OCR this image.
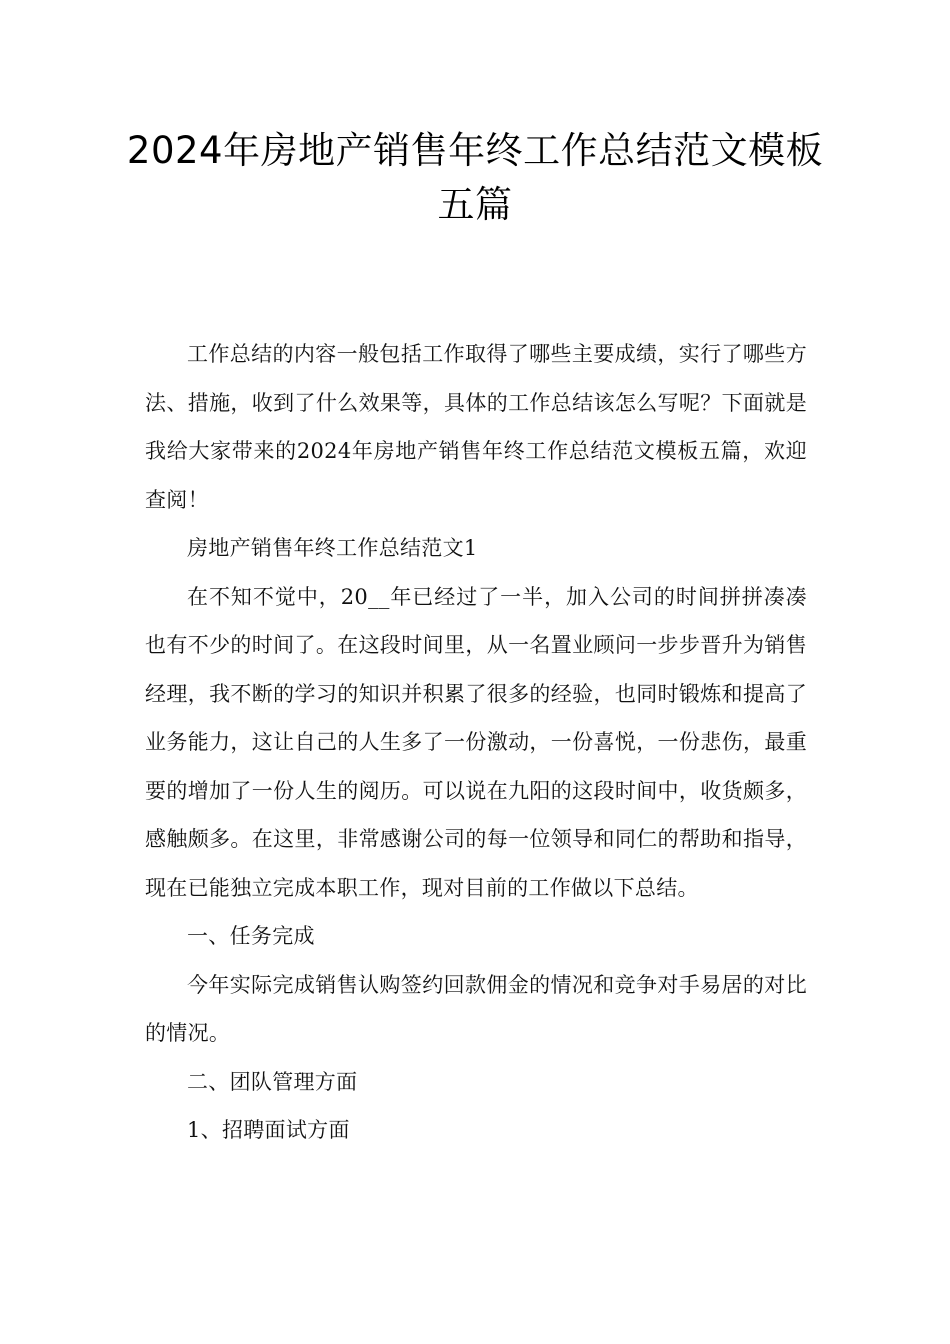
2024年房地产销售年终工作总结范文模板五篇

工作总结的内容一般包括工作取得了哪些主要成绩，实行了哪些方法、措施，收到了什么效果等，具体的工作总结该怎么写呢？下面就是我给大家带来的2024年房地产销售年终工作总结范文模板五篇，欢迎查阅！

房地产销售年终工作总结范文1

在不知不觉中，20__年已经过了一半，加入公司的时间拼拼凑凑也有不少的时间了。在这段时间里，从一名置业顾问一步步晋升为销售经理，我不断的学习的知识并积累了很多的经验，也同时锻炼和提高了业务能力，这让自己的人生多了一份激动，一份喜悦，一份悲伤，最重要的增加了一份人生的阅历。可以说在九阳的这段时间中，收货颇多，感触颇多。在这里，非常感谢公司的每一位领导和同仁的帮助和指导，现在已能独立完成本职工作，现对目前的工作做以下总结。

一、任务完成

今年实际完成销售认购签约回款佣金的情况和竞争对手易居的对比的情况。

二、团队管理方面

1、招聘面试方面
